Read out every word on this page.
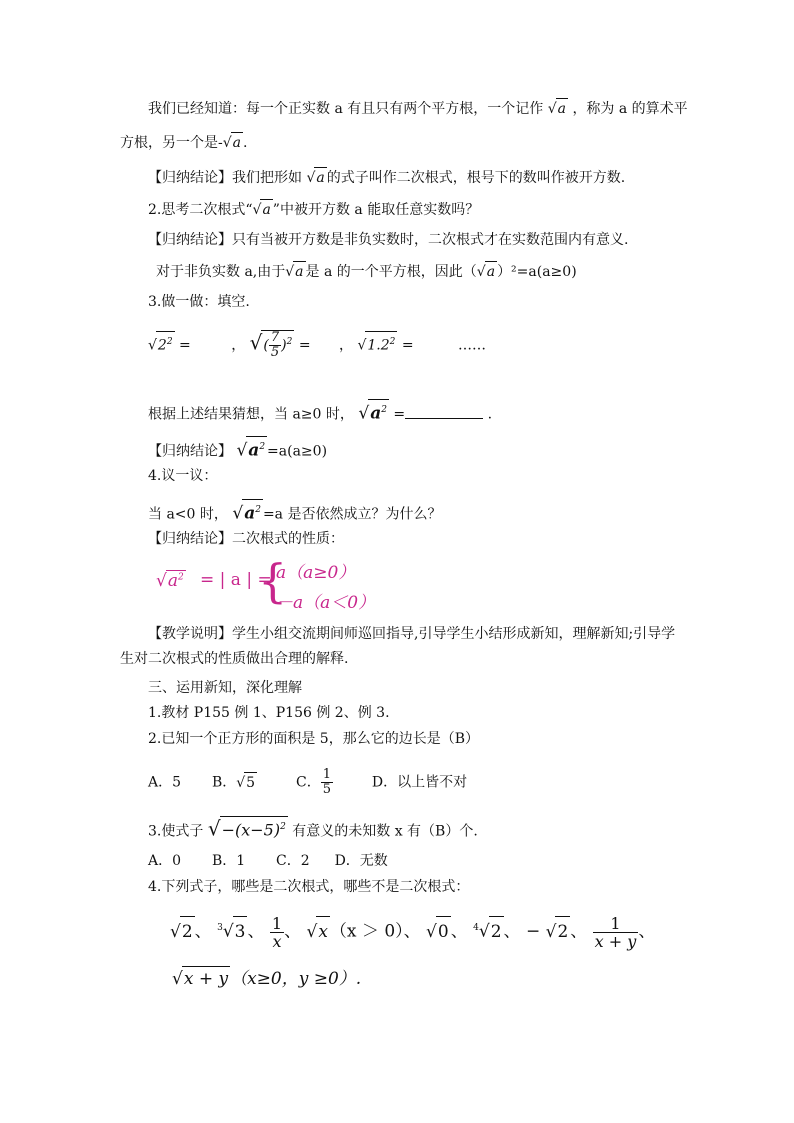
我们已经知道：每一个正实数 a 有且只有两个平方根，一个记作 √a ，称为 a 的算术平
方根，另一个是-√a .
【归纳结论】我们把形如 √a 的式子叫作二次根式，根号下的数叫作被开方数.
2.思考二次根式“√a ”中被开方数 a 能取任意实数吗？
【归纳结论】只有当被开方数是非负实数时，二次根式才在实数范围内有意义.
对于非负实数 a,由于√a 是 a 的一个平方根，因此（√a ）²=a(a≥0)
3.做一做：填空.
$√2^2$ =	， √( $\frac{7}{5} )^2$ = ， $√1.2^2$ =	……
根据上述结果猜想，当 a≥0 时， $√a^2$ =	.
【归纳结论】 $√a^2 =a(a\ge 0)$
4.议一议：
当 a<0 时， $√a^2 =a$ 是否依然成立？为什么？
【归纳结论】二次根式的性质：
$√a^2$ = | a | =
{
a（a≥0）
－a（a＜0）
【教学说明】学生小组交流期间师巡回指导,引导学生小结形成新知，理解新知;引导学
生对二次根式的性质做出合理的解释.
三、运用新知，深化理解
1.教材 P155 例 1、P156 例 2、例 3.
2.已知一个正方形的面积是 5，那么它的边长是（B）
A．5 B．√5	C． $\frac{1}{5}$	D．以上皆不对
3.使式子 $√-(x-5)^2$ 有意义的未知数 x 有（B）个.
A．0 B．1 C．2 D．无数
4.下列式子，哪些是二次根式，哪些不是二次根式：
√2 、 $^3$√3 、 $\frac{1}{x}$ 、 √x （x ＞ 0）、 √0 、 $^4$√2 、 − √2 、 $\frac{1}{x + y}$ 、
√x + y （x≥0，y ≥0）.
